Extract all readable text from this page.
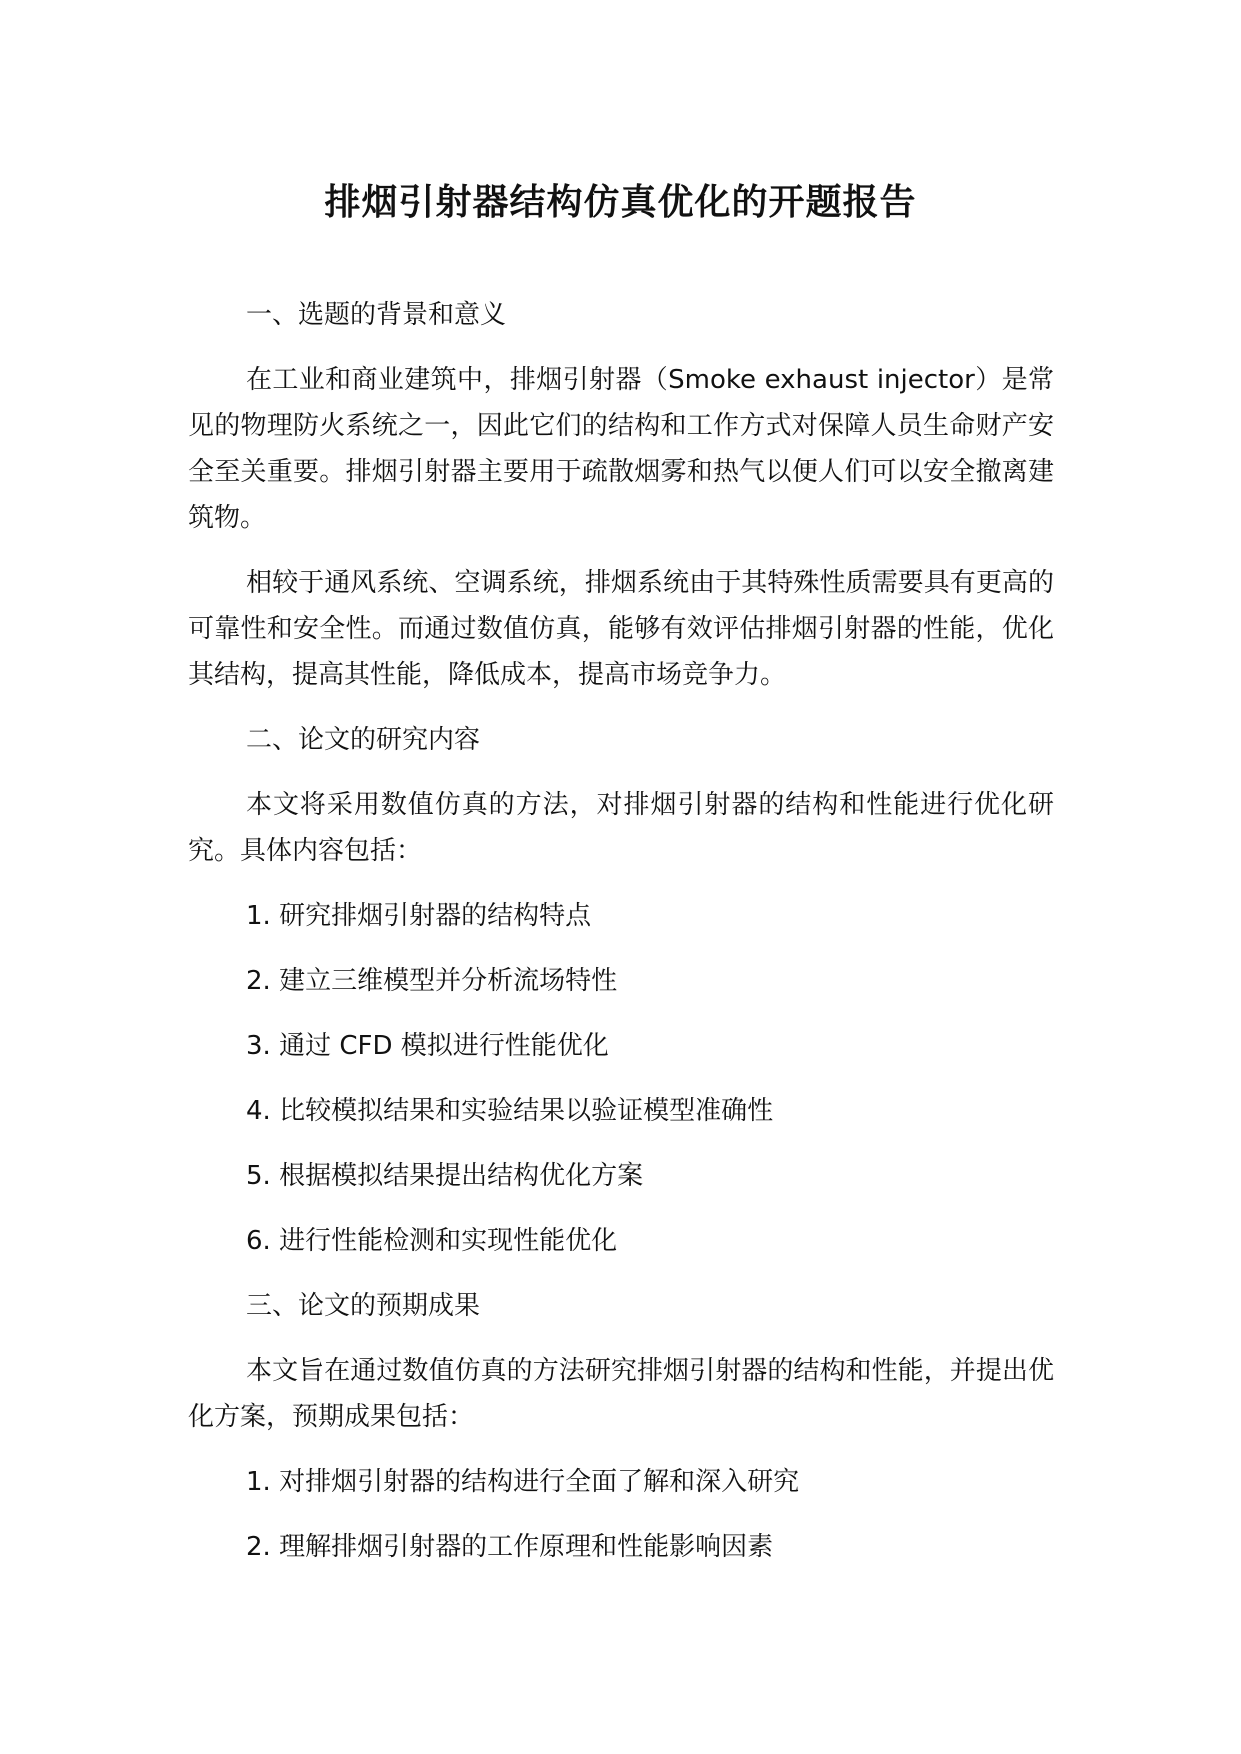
排烟引射器结构仿真优化的开题报告
一、选题的背景和意义
在工业和商业建筑中，排烟引射器（Smoke exhaust injector）是常见的物理防火系统之一，因此它们的结构和工作方式对保障人员生命财产安全至关重要。排烟引射器主要用于疏散烟雾和热气以便人们可以安全撤离建筑物。
相较于通风系统、空调系统，排烟系统由于其特殊性质需要具有更高的可靠性和安全性。而通过数值仿真，能够有效评估排烟引射器的性能，优化其结构，提高其性能，降低成本，提高市场竞争力。
二、论文的研究内容
本文将采用数值仿真的方法，对排烟引射器的结构和性能进行优化研究。具体内容包括：
1. 研究排烟引射器的结构特点
2. 建立三维模型并分析流场特性
3. 通过 CFD 模拟进行性能优化
4. 比较模拟结果和实验结果以验证模型准确性
5. 根据模拟结果提出结构优化方案
6. 进行性能检测和实现性能优化
三、论文的预期成果
本文旨在通过数值仿真的方法研究排烟引射器的结构和性能，并提出优化方案，预期成果包括：
1. 对排烟引射器的结构进行全面了解和深入研究
2. 理解排烟引射器的工作原理和性能影响因素
